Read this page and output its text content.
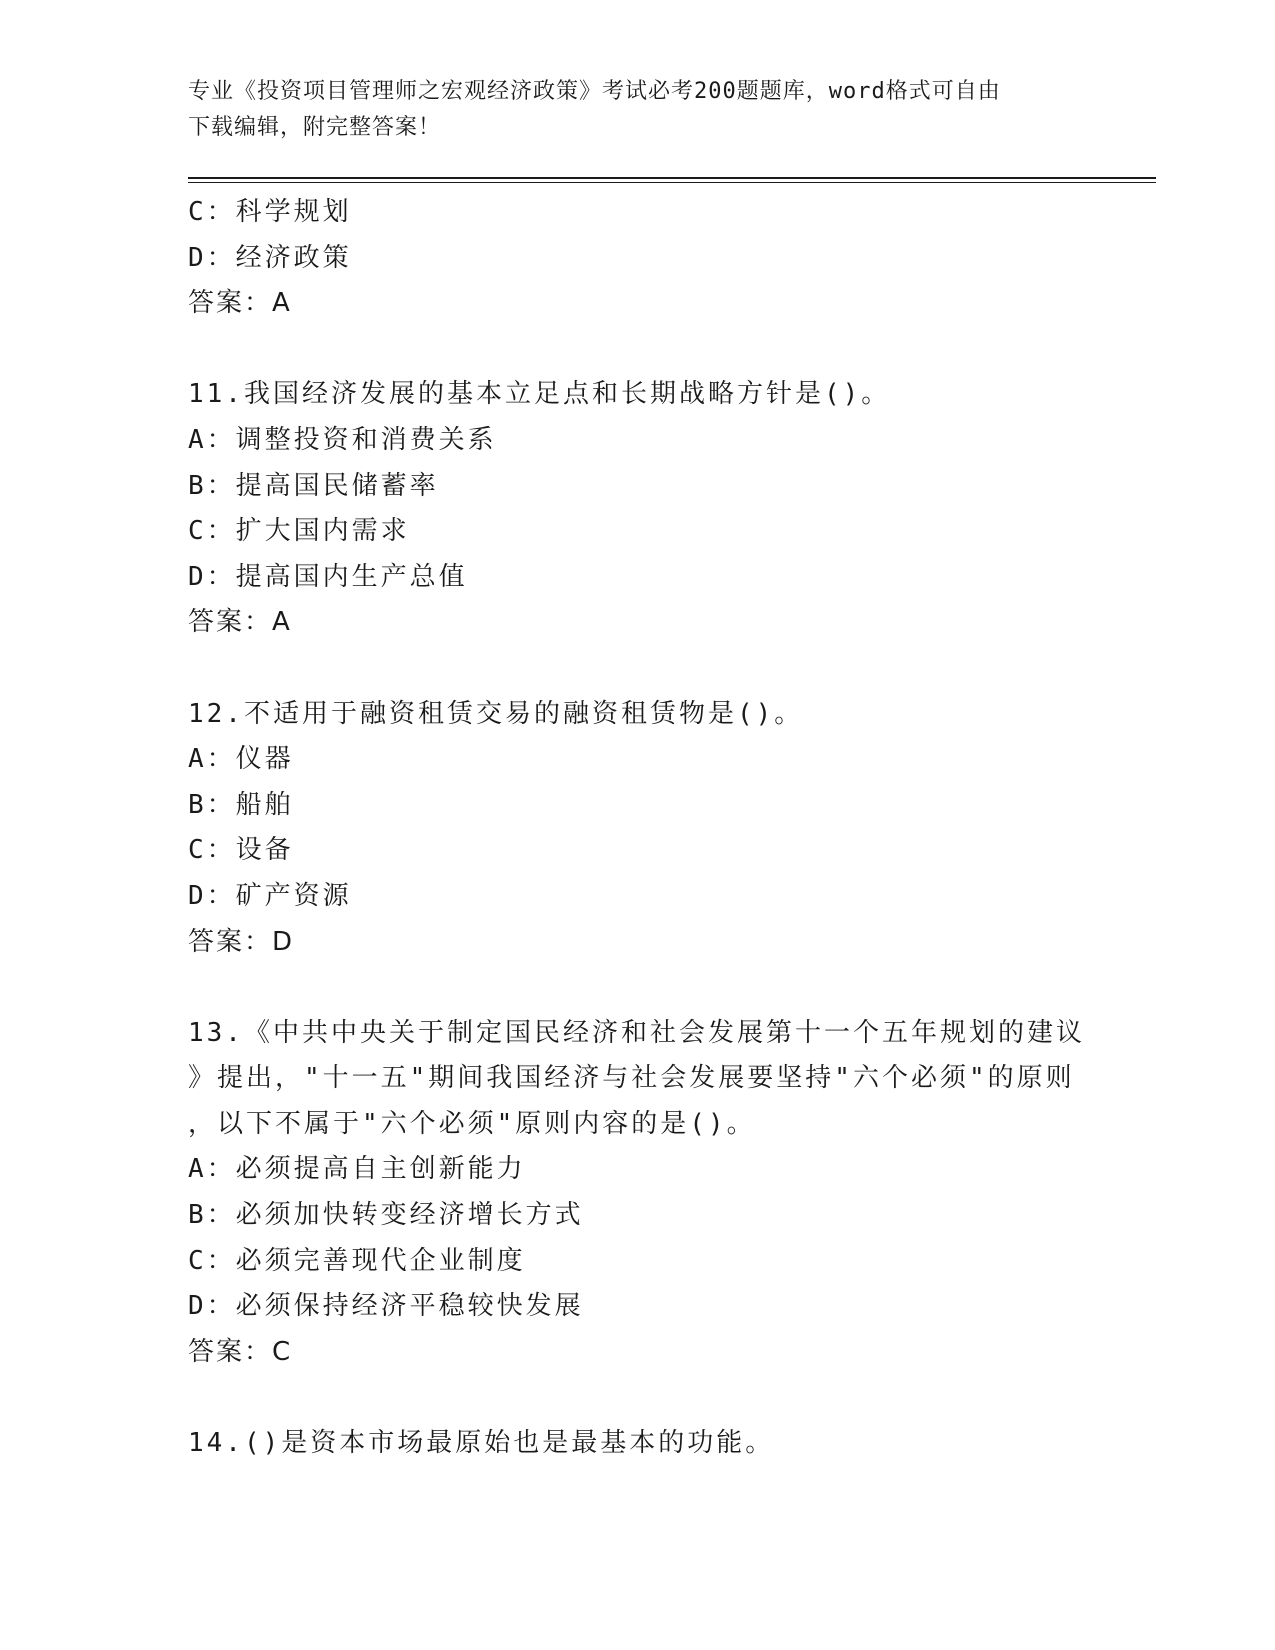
专业《投资项目管理师之宏观经济政策》考试必考200题题库，word格式可自由
下载编辑，附完整答案！

C：科学规划

D：经济政策

答案：A

11.我国经济发展的基本立足点和长期战略方针是()。

A：调整投资和消费关系

B：提高国民储蓄率

C：扩大国内需求

D：提高国内生产总值

答案：A

12.不适用于融资租赁交易的融资租赁物是()。

A：仪器

B：船舶

C：设备

D：矿产资源

答案：D

13.《中共中央关于制定国民经济和社会发展第十一个五年规划的建议

》提出，"十一五"期间我国经济与社会发展要坚持"六个必须"的原则

，以下不属于"六个必须"原则内容的是()。

A：必须提高自主创新能力

B：必须加快转变经济增长方式

C：必须完善现代企业制度

D：必须保持经济平稳较快发展

答案：C

14.()是资本市场最原始也是最基本的功能。
